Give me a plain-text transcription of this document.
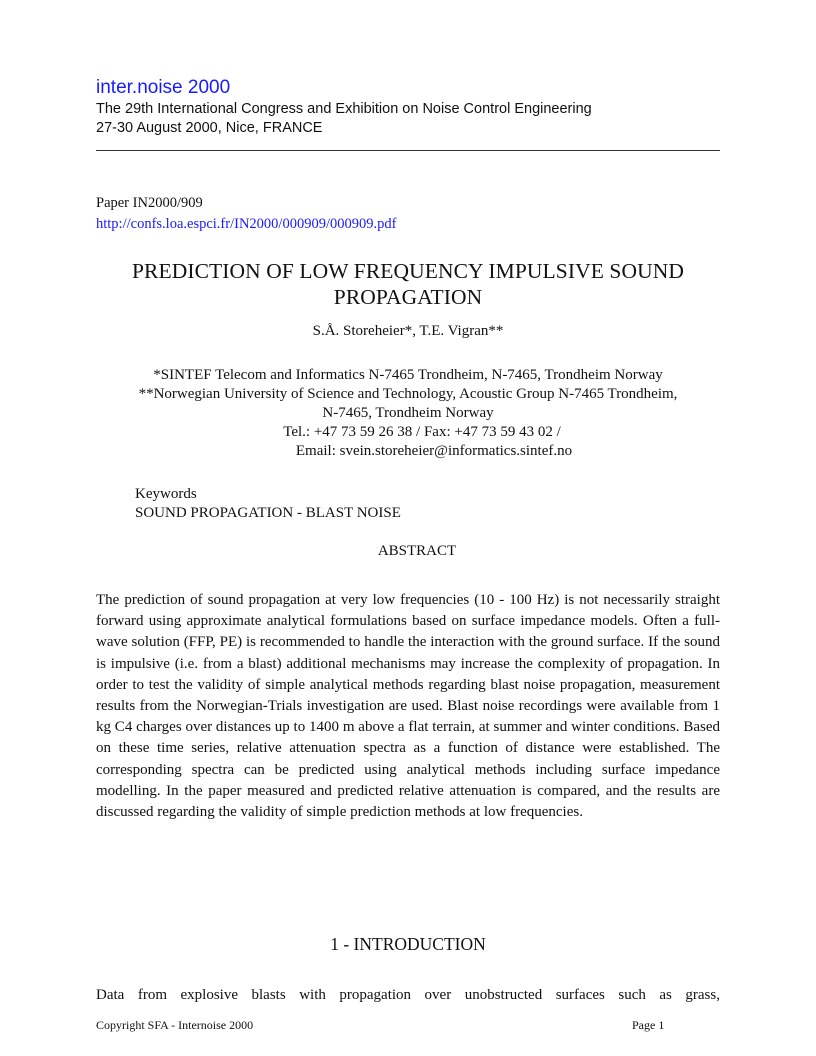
inter.noise 2000
The 29th International Congress and Exhibition on Noise Control Engineering
27-30 August 2000, Nice, FRANCE
Paper IN2000/909
http://confs.loa.espci.fr/IN2000/000909/000909.pdf
PREDICTION OF LOW FREQUENCY IMPULSIVE SOUND
PROPAGATION
S.Å. Storeheier*, T.E. Vigran**
*SINTEF Telecom and Informatics N-7465 Trondheim, N-7465, Trondheim Norway
**Norwegian University of Science and Technology, Acoustic Group N-7465 Trondheim,
N-7465, Trondheim Norway
Tel.: +47 73 59 26 38 / Fax: +47 73 59 43 02 /
Email: svein.storeheier@informatics.sintef.no
Keywords
SOUND PROPAGATION - BLAST NOISE
ABSTRACT

The prediction of sound propagation at very low frequencies (10 - 100 Hz) is not necessarily straight forward using approximate analytical formulations based on surface impedance models. Often a full-wave solution (FFP, PE) is recommended to handle the interaction with the ground surface. If the sound is impulsive (i.e. from a blast) additional mechanisms may increase the complexity of propagation. In order to test the validity of simple analytical methods regarding blast noise propagation, measurement results from the Norwegian-Trials investigation are used. Blast noise recordings were available from 1 kg C4 charges over distances up to 1400 m above a flat terrain, at summer and winter conditions. Based on these time series, relative attenuation spectra as a function of distance were established. The corresponding spectra can be predicted using analytical methods including surface impedance modelling. In the paper measured and predicted relative attenuation is compared, and the results are discussed regarding the validity of simple prediction methods at low frequencies.

1 - INTRODUCTION

Data from explosive blasts with propagation over unobstructed surfaces such as grass,

Copyright SFA - Internoise 2000	Page 1
